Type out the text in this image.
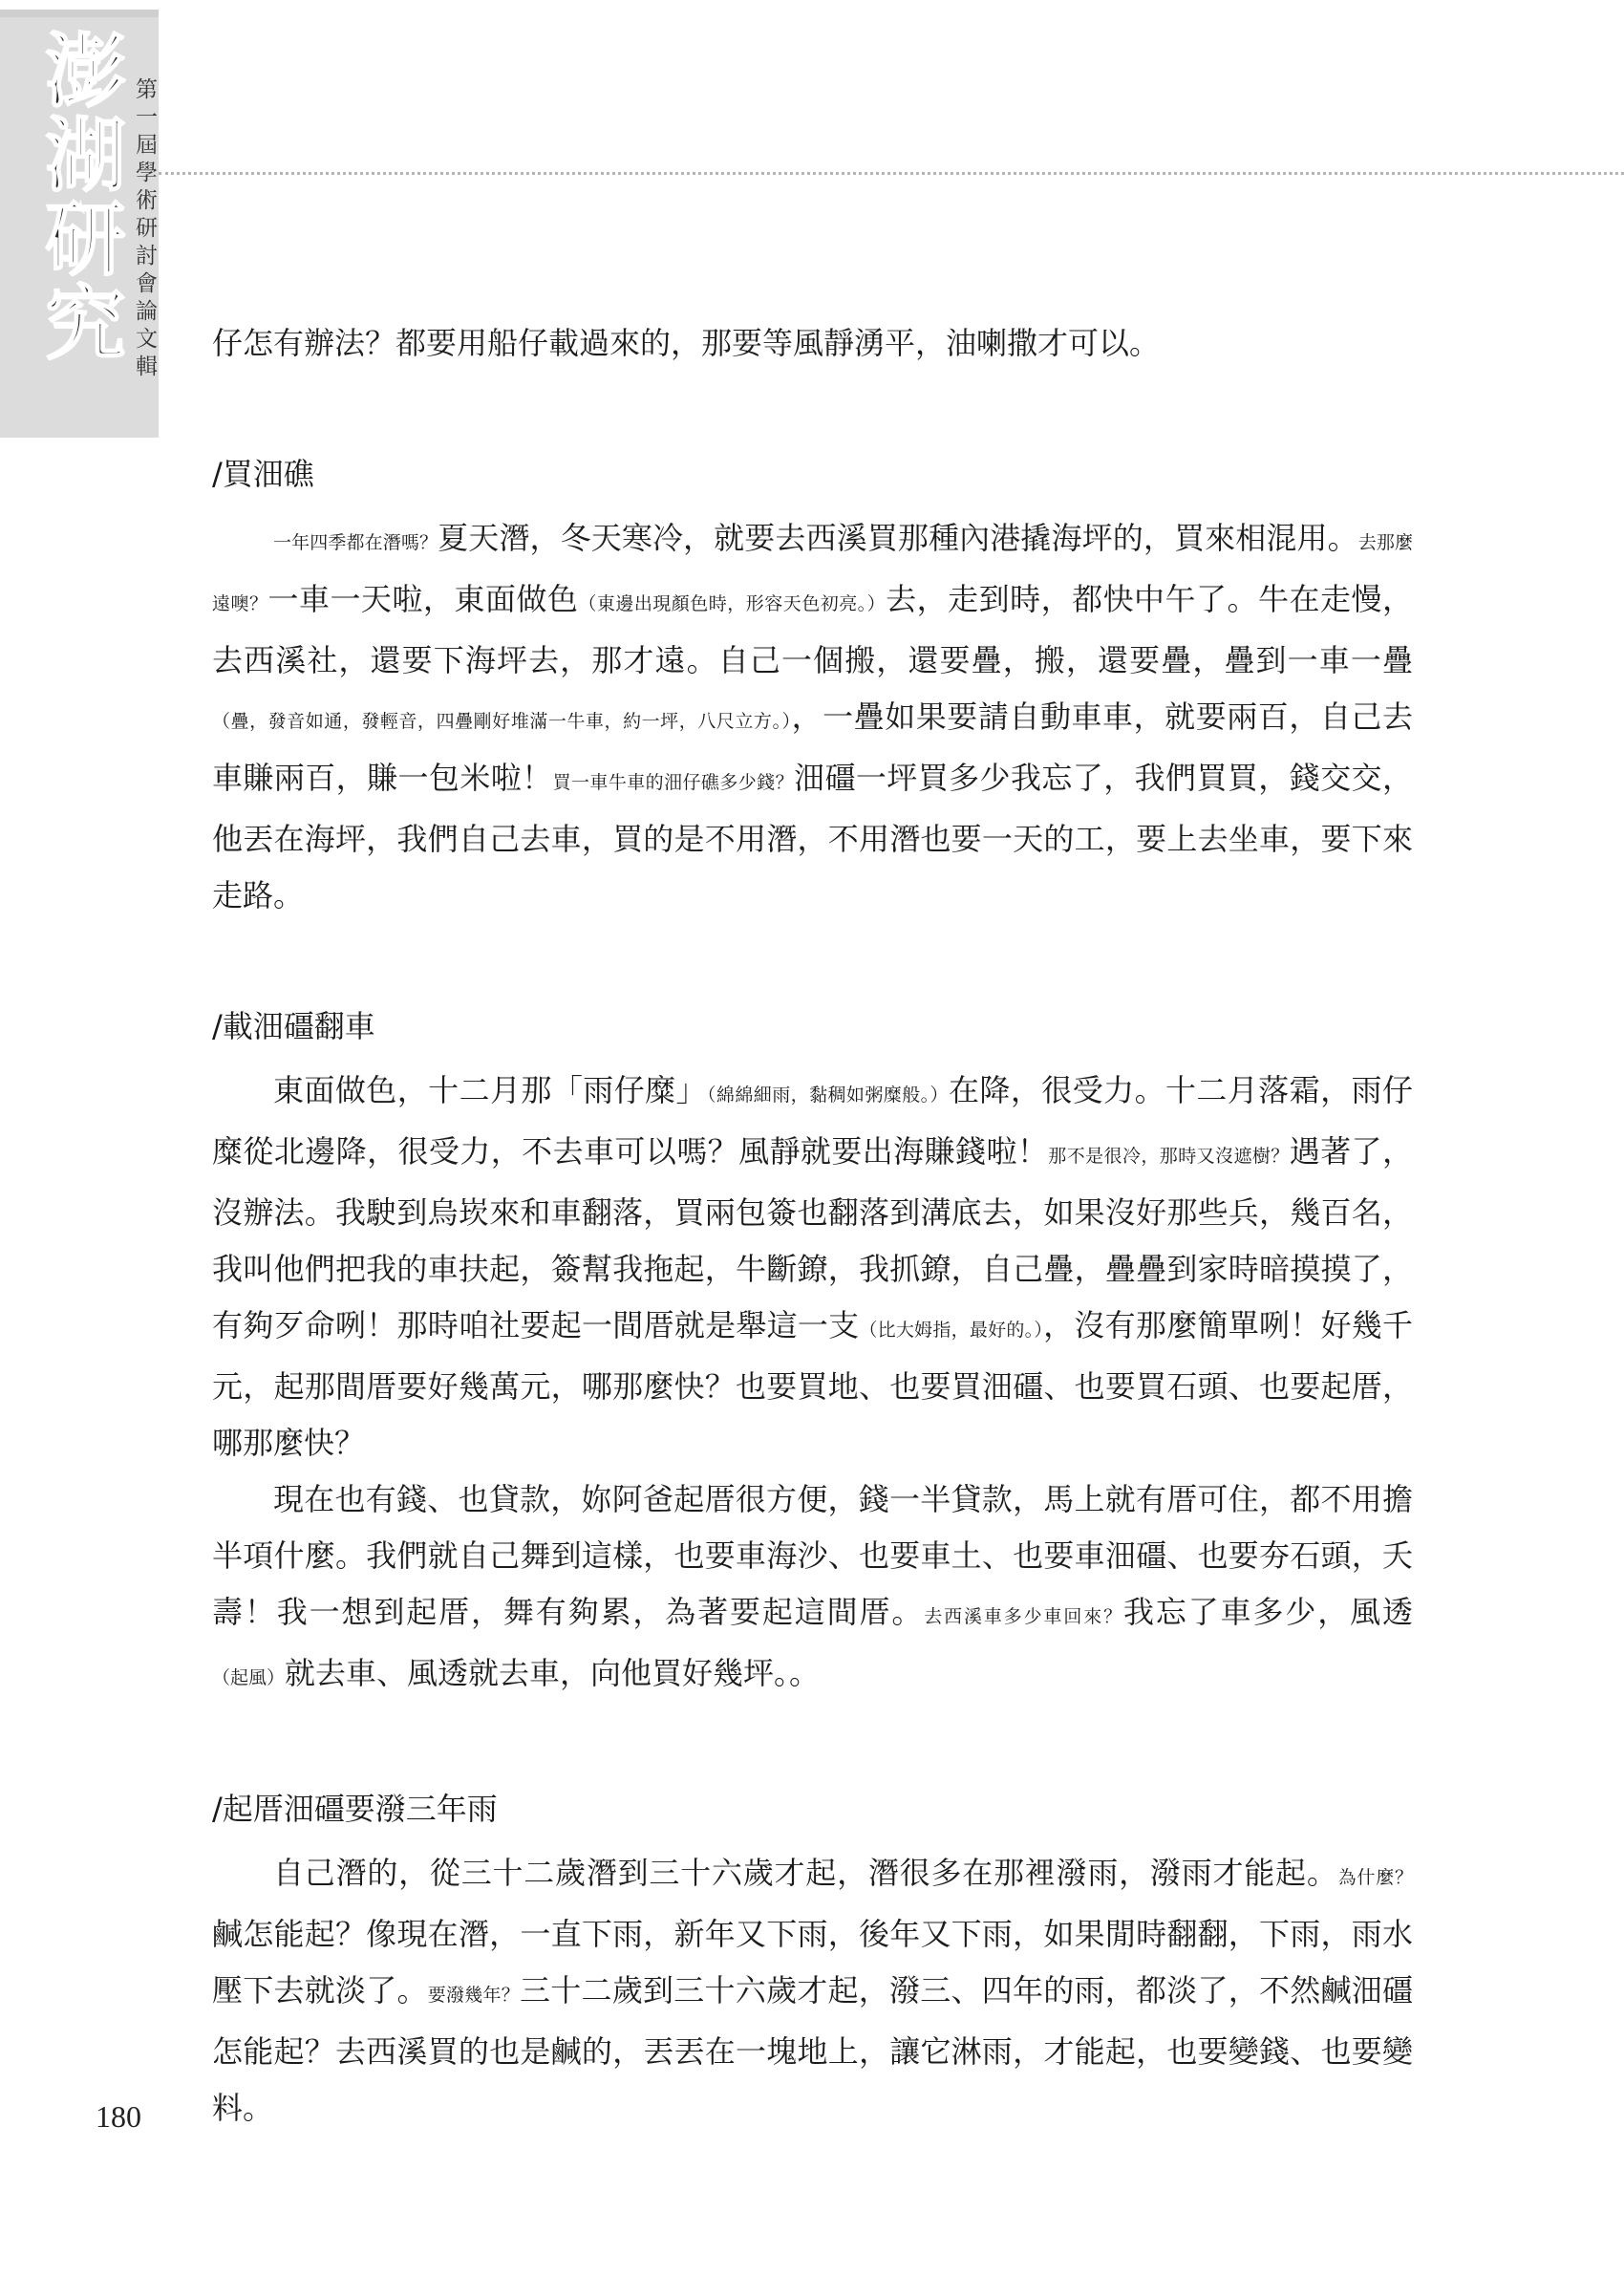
澎湖研究 第一屆學術研討會論文輯 仔怎有辦法？都要用船仔載過來的，那要等風靜湧平，油喇撒才可以。

/買沺礁

一年四季都在潛嗎？夏天潛，冬天寒冷，就要去西溪買那種內港撬海坪的，買來相混用。去那麼遠噢？一車一天啦，東面做色（東邊出現顏色時，形容天色初亮。）去，走到時，都快中午了。牛在走慢，去西溪社，還要下海坪去，那才遠。自己一個搬，還要疊，搬，還要疊，疊到一車一疊（疊，發音如通，發輕音，四疊剛好堆滿一牛車，約一坪，八尺立方。），一疊如果要請自動車車，就要兩百，自己去車賺兩百，賺一包米啦！買一車牛車的沺仔礁多少錢？沺礓一坪買多少我忘了，我們買買，錢交交，他丟在海坪，我們自己去車，買的是不用潛，不用潛也要一天的工，要上去坐車，要下來走路。

/載沺礓翻車

東面做色，十二月那「雨仔糜」（綿綿細雨，黏稠如粥糜般。）在降，很受力。十二月落霜，雨仔糜從北邊降，很受力，不去車可以嗎？風靜就要出海賺錢啦！那不是很冷，那時又沒遮樹？遇著了，沒辦法。我駛到烏崁來和車翻落，買兩包簽也翻落到溝底去，如果沒好那些兵，幾百名，我叫他們把我的車扶起，簽幫我拖起，牛斷鐐，我抓鐐，自己疊，疊疊到家時暗摸摸了，有夠歹命咧！那時咱社要起一間厝就是舉這一支（比大姆指，最好的。），沒有那麼簡單咧！好幾千元，起那間厝要好幾萬元，哪那麼快？也要買地、也要買沺礓、也要買石頭、也要起厝，哪那麼快？

現在也有錢、也貸款，妳阿爸起厝很方便，錢一半貸款，馬上就有厝可住，都不用擔半項什麼。我們就自己舞到這樣，也要車海沙、也要車土、也要車沺礓、也要夯石頭，夭壽！我一想到起厝，舞有夠累，為著要起這間厝。去西溪車多少車回來？我忘了車多少，風透（起風）就去車、風透就去車，向他買好幾坪。。

/起厝沺礓要潑三年雨

自己潛的，從三十二歲潛到三十六歲才起，潛很多在那裡潑雨，潑雨才能起。為什麼？鹹怎能起？像現在潛，一直下雨，新年又下雨，後年又下雨，如果閒時翻翻，下雨，雨水壓下去就淡了。要潑幾年？三十二歲到三十六歲才起，潑三、四年的雨，都淡了，不然鹹沺礓怎能起？去西溪買的也是鹹的，丟丟在一塊地上，讓它淋雨，才能起，也要變錢、也要變料。

180
